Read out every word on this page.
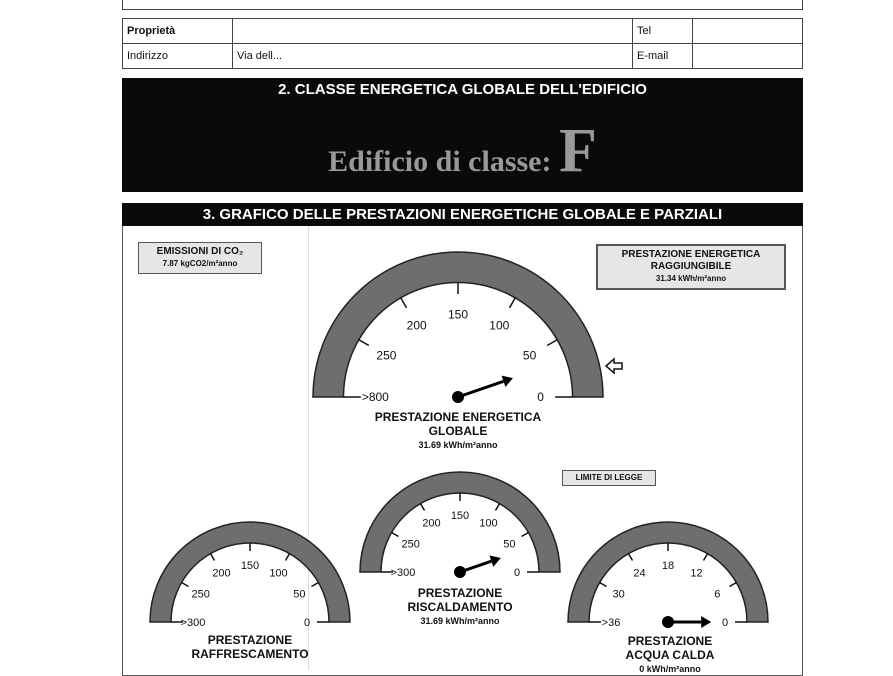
Proprietà		Tel	
Indirizzo	Via dell...	E-mail	
2. CLASSE ENERGETICA GLOBALE DELL'EDIFICIO
Edificio di classe: F
3. GRAFICO DELLE PRESTAZIONI ENERGETICHE GLOBALE E PARZIALI
EMISSIONI DI CO₂
7.87 kgCO2/m²anno
PRESTAZIONE ENERGETICA
RAGGIUNGIBILE
31.34 kWh/m²anno
LIMITE DI LEGGE
>800
250
200
150
100
50
0
>300
250
200
150
100
50
0
>300
250
200
150
100
50
0	>36
30
24
18
12
6
0
PRESTAZIONE ENERGETICA
GLOBALE
31.69 kWh/m²anno
PRESTAZIONE
RISCALDAMENTO
31.69 kWh/m²anno
PRESTAZIONE
RAFFRESCAMENTO
PRESTAZIONE
ACQUA CALDA
0 kWh/m²anno
